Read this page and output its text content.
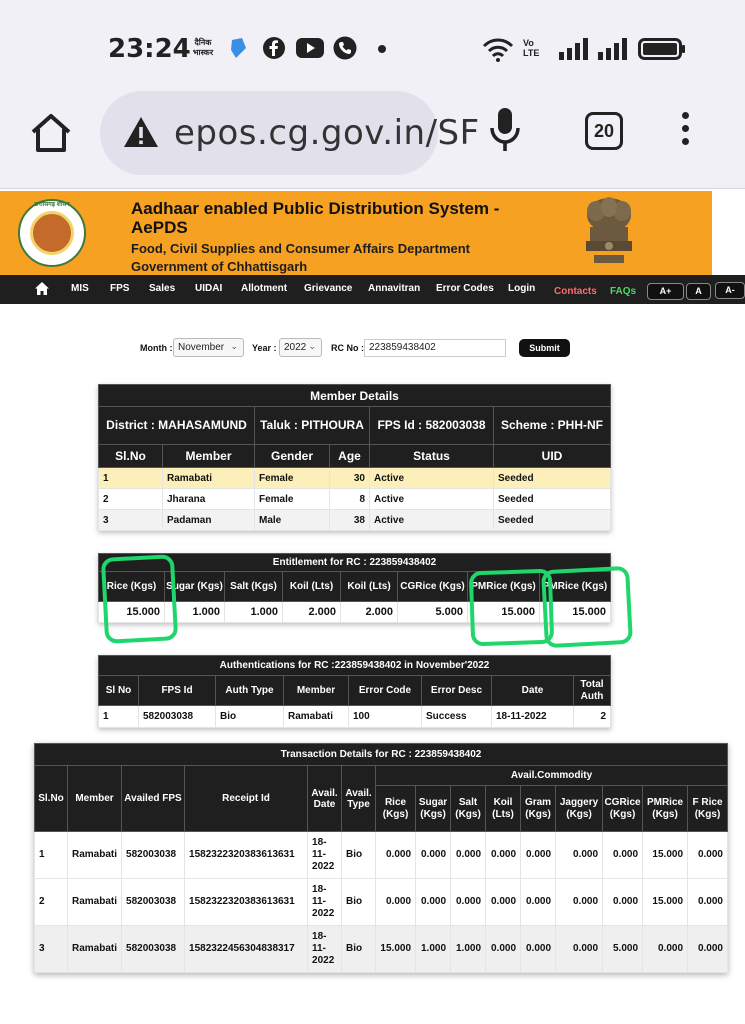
23:24 दैनिक भास्कर
Vo LTE
epos.cg.gov.in/SF	20
छत्तीसगढ़ शासन	Aadhaar enabled Public Distribution System - AePDS
Food, Civil Supplies and Consumer Affairs Department
Government of Chhattisgarh
MIS FPS Sales UIDAI Allotment Grievance Annavitran Error Codes Login Contacts FAQs	A+	A	A-
Month : November ⌄ Year : 2022 ⌄ RC No : 223859438402	Submit
Member Details					
District : MAHASAMUND		Taluk : PITHOURA		FPS Id : 582003038	Scheme : PHH-NF
Sl.No	Member	Gender	Age	Status	UID
1	Ramabati	Female	30	Active	Seeded
2	Jharana	Female	8	Active	Seeded
3	Padaman	Male	38	Active	Seeded
Entitlement for RC : 223859438402							
Rice (Kgs)	Sugar (Kgs)	Salt (Kgs)	Koil (Lts)	Koil (Lts)	CGRice (Kgs)	PMRice (Kgs)	PMRice (Kgs)
15.000	1.000	1.000	2.000	2.000	5.000	15.000	15.000
Authentications for RC :223859438402 in November'2022							
Sl No	FPS Id	Auth Type	Member	Error Code	Error Desc	Date	Total Auth
1	582003038	Bio	Ramabati	100	Success	18-11-2022	2
Transaction Details for RC : 223859438402														
Sl.No	Member	Availed FPS	Receipt Id	Avail. Date	Avail. Type	Avail.Commodity								
						Rice (Kgs)	Sugar (Kgs)	Salt (Kgs)	Koil (Lts)	Gram (Kgs)	Jaggery (Kgs)	CGRice (Kgs)	PMRice (Kgs)	F Rice (Kgs)
1	Ramabati	582003038	1582322320383613631	18-11-2022	Bio	0.000	0.000	0.000	0.000	0.000	0.000	0.000	15.000	0.000
2	Ramabati	582003038	1582322320383613631	18-11-2022	Bio	0.000	0.000	0.000	0.000	0.000	0.000	0.000	15.000	0.000
3	Ramabati	582003038	1582322456304838317	18-11-2022	Bio	15.000	1.000	1.000	0.000	0.000	0.000	5.000	0.000	0.000
